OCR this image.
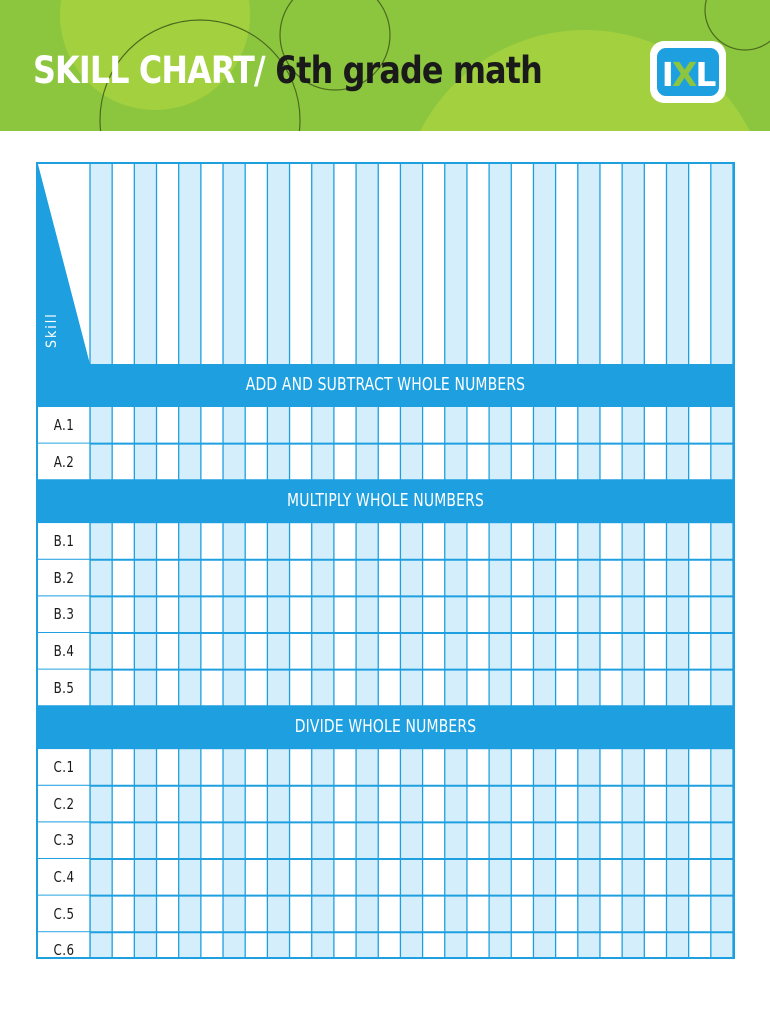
SKILL CHART/ 6th grade math	IXL
Students
Skill
ADD AND SUBTRACT WHOLE NUMBERS
A.1
A.2
MULTIPLY WHOLE NUMBERS
B.1
B.2
B.3
B.4
B.5
DIVIDE WHOLE NUMBERS
C.1
C.2
C.3
C.4
C.5
C.6
